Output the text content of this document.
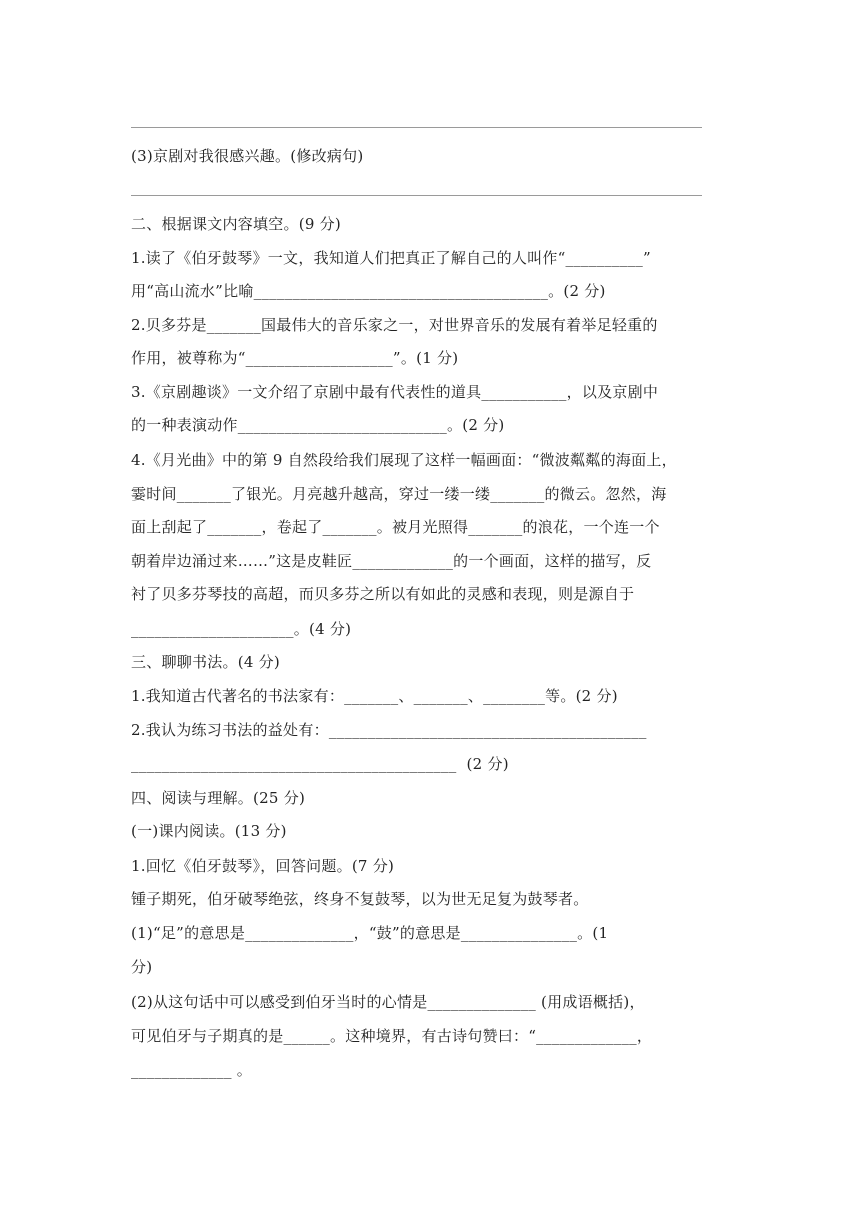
(3)京剧对我很感兴趣。(修改病句)
二、根据课文内容填空。(9 分)
1.读了《伯牙鼓琴》一文，我知道人们把真正了解自己的人叫作“__________”
用“高山流水”比喻______________________________________。(2 分)
2.贝多芬是_______国最伟大的音乐家之一，对世界音乐的发展有着举足轻重的
作用，被尊称为“___________________”。(1 分)
3.《京剧趣谈》一文介绍了京剧中最有代表性的道具___________，以及京剧中
的一种表演动作___________________________。(2 分)
4.《月光曲》中的第 9 自然段给我们展现了这样一幅画面：“微波粼粼的海面上，
霎时间_______了银光。月亮越升越高，穿过一缕一缕_______的微云。忽然，海
面上刮起了_______，卷起了_______。被月光照得_______的浪花，一个连一个
朝着岸边涌过来……”这是皮鞋匠_____________的一个画面，这样的描写，反
衬了贝多芬琴技的高超，而贝多芬之所以有如此的灵感和表现，则是源自于
_____________________。(4 分)
三、聊聊书法。(4 分)
1.我知道古代著名的书法家有：_______、_______、________等。(2 分)
2.我认为练习书法的益处有：_________________________________________
__________________________________________  (2 分)
四、阅读与理解。(25 分)
(一)课内阅读。(13 分)
1.回忆《伯牙鼓琴》，回答问题。(7 分)
锺子期死，伯牙破琴绝弦，终身不复鼓琴，以为世无足复为鼓琴者。
(1)“足”的意思是______________，“鼓”的意思是_______________。(1
分)
(2)从这句话中可以感受到伯牙当时的心情是______________ (用成语概括)，
可见伯牙与子期真的是______。这种境界，有古诗句赞曰：“_____________，
_____________ 。
